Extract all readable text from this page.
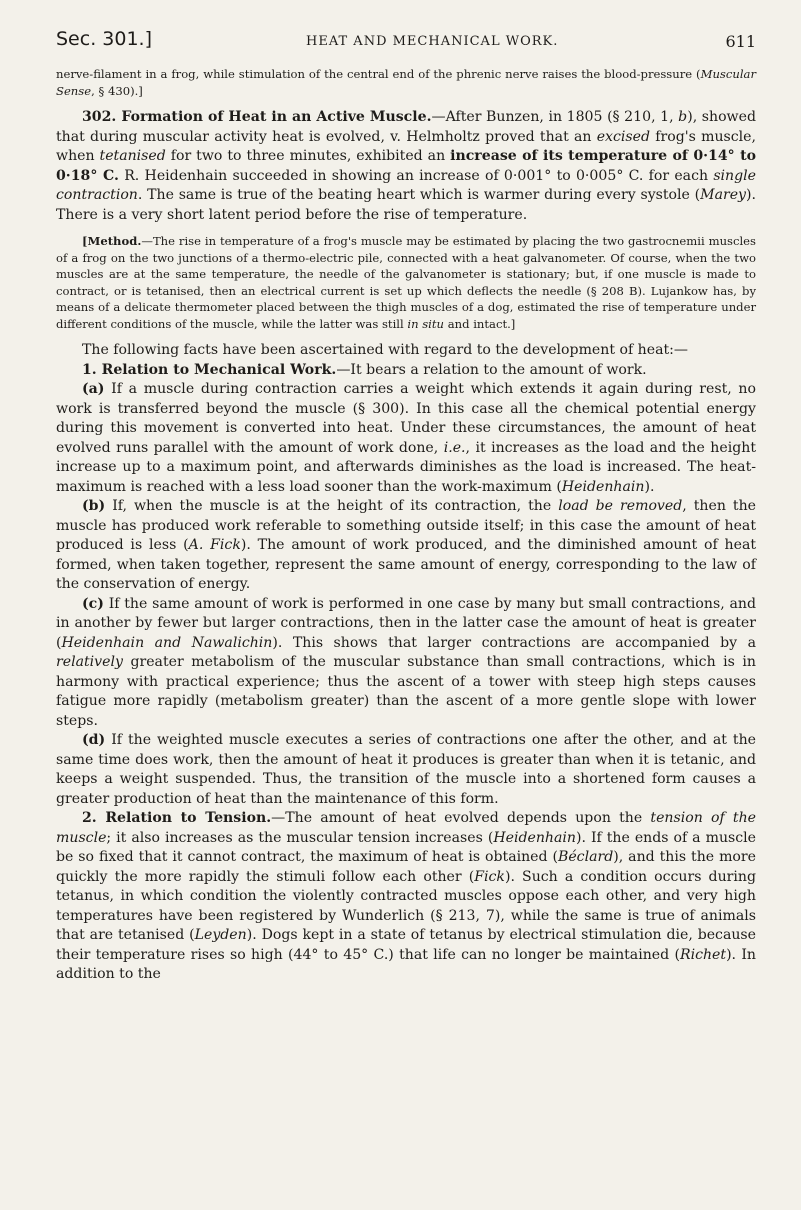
Sec. 301.]	HEAT AND MECHANICAL WORK.	611

nerve-filament in a frog, while stimulation of the central end of the phrenic nerve raises the blood-pressure (Muscular Sense, § 430).]

302. Formation of Heat in an Active Muscle.—After Bunzen, in 1805 (§ 210, 1, b), showed that during muscular activity heat is evolved, v. Helmholtz proved that an excised frog's muscle, when tetanised for two to three minutes, exhibited an increase of its temperature of 0·14° to 0·18° C. R. Heidenhain succeeded in showing an increase of 0·001° to 0·005° C. for each single contraction. The same is true of the beating heart which is warmer during every systole (Marey). There is a very short latent period before the rise of temperature.

[Method.—The rise in temperature of a frog's muscle may be estimated by placing the two gastrocnemii muscles of a frog on the two junctions of a thermo-electric pile, connected with a heat galvanometer. Of course, when the two muscles are at the same temperature, the needle of the galvanometer is stationary; but, if one muscle is made to contract, or is tetanised, then an electrical current is set up which deflects the needle (§ 208 B). Lujankow has, by means of a delicate thermometer placed between the thigh muscles of a dog, estimated the rise of temperature under different conditions of the muscle, while the latter was still in situ and intact.]

The following facts have been ascertained with regard to the development of heat:—

1. Relation to Mechanical Work.—It bears a relation to the amount of work.

(a) If a muscle during contraction carries a weight which extends it again during rest, no work is transferred beyond the muscle (§ 300). In this case all the chemical potential energy during this movement is converted into heat. Under these circumstances, the amount of heat evolved runs parallel with the amount of work done, i.e., it increases as the load and the height increase up to a maximum point, and afterwards diminishes as the load is increased. The heat-maximum is reached with a less load sooner than the work-maximum (Heidenhain).

(b) If, when the muscle is at the height of its contraction, the load be removed, then the muscle has produced work referable to something outside itself; in this case the amount of heat produced is less (A. Fick). The amount of work produced, and the diminished amount of heat formed, when taken together, represent the same amount of energy, corresponding to the law of the conservation of energy.

(c) If the same amount of work is performed in one case by many but small contractions, and in another by fewer but larger contractions, then in the latter case the amount of heat is greater (Heidenhain and Nawalichin). This shows that larger contractions are accompanied by a relatively greater metabolism of the muscular substance than small contractions, which is in harmony with practical experience; thus the ascent of a tower with steep high steps causes fatigue more rapidly (metabolism greater) than the ascent of a more gentle slope with lower steps.

(d) If the weighted muscle executes a series of contractions one after the other, and at the same time does work, then the amount of heat it produces is greater than when it is tetanic, and keeps a weight suspended. Thus, the transition of the muscle into a shortened form causes a greater production of heat than the maintenance of this form.

2. Relation to Tension.—The amount of heat evolved depends upon the tension of the muscle; it also increases as the muscular tension increases (Heidenhain). If the ends of a muscle be so fixed that it cannot contract, the maximum of heat is obtained (Béclard), and this the more quickly the more rapidly the stimuli follow each other (Fick). Such a condition occurs during tetanus, in which condition the violently contracted muscles oppose each other, and very high temperatures have been registered by Wunderlich (§ 213, 7), while the same is true of animals that are tetanised (Leyden). Dogs kept in a state of tetanus by electrical stimulation die, because their temperature rises so high (44° to 45° C.) that life can no longer be maintained (Richet). In addition to the
